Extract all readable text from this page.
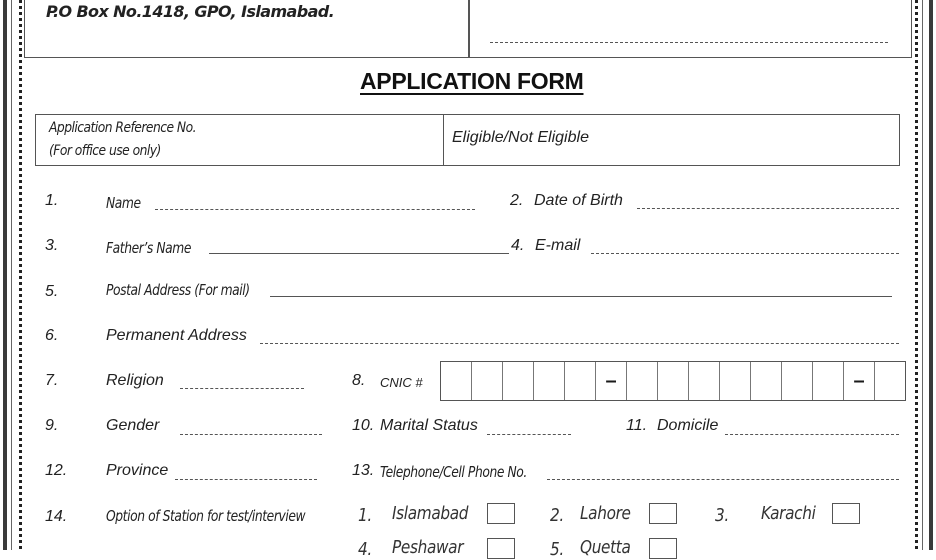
P.O Box No.1418, GPO, Islamabad.
APPLICATION FORM
Application Reference No.
(For office use only)
Eligible/Not Eligible
1.	Name	2. Date of Birth
3.	Father’s Name	4. E-mail
5.	Postal Address (For mail)
6.	Permanent Address
7.	Religion	8. CNIC #	–	–
9.	Gender	10. Marital Status	11. Domicile
12. Province	13. Telephone/Cell Phone No.
14.	Option of Station for test/interview	1. Islamabad	2. Lahore	3. Karachi
4. Peshawar	5. Quetta
